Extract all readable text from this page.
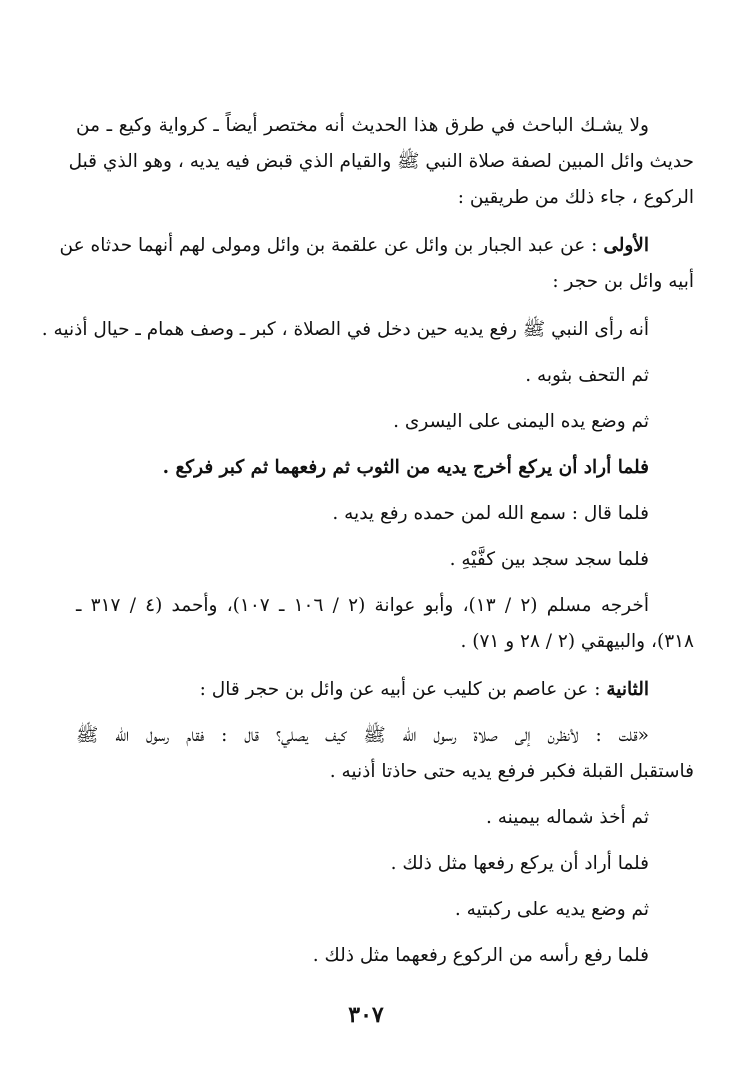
ولا يشـك الباحث في طرق هذا الحديث أنه مختصر أيضاً ـ كرواية وكيع ـ من
حديث وائل المبين لصفة صلاة النبي ﷺ والقيام الذي قبض فيه يديه ، وهو الذي قبل
الركوع ، جاء ذلك من طريقين :
الأولى : عن عبد الجبار بن وائل عن علقمة بن وائل ومولى لهم أنهما حدثاه عن
أبيه وائل بن حجر :
أنه رأى النبي ﷺ رفع يديه حين دخل في الصلاة ، كبر ـ وصف همام ـ حيال أذنيه .
ثم التحف بثوبه .
ثم وضع يده اليمنى على اليسرى .
فلما أراد أن يركع أخرج يديه من الثوب ثم رفعهما ثم كبر فركع .
فلما قال : سمع الله لمن حمده رفع يديه .
فلما سجد سجد بين كفَّيْهِ .
أخرجه مسلم (٢ / ١٣)، وأبو عوانة (٢ / ١٠٦ ـ ١٠٧)، وأحمد (٤ / ٣١٧ ـ
٣١٨)، والبيهقي (٢ / ٢٨ و ٧١) .
الثانية : عن عاصم بن كليب عن أبيه عن وائل بن حجر قال :
«قلت : لأنظرن إلى صلاة رسول الله ﷺ كيف يصلي؟ قال : فقام رسول الله ﷺ
فاستقبل القبلة فكبر فرفع يديه حتى حاذتا أذنيه .
ثم أخذ شماله بيمينه .
فلما أراد أن يركع رفعها مثل ذلك .
ثم وضع يديه على ركبتيه .
فلما رفع رأسه من الركوع رفعهما مثل ذلك .
٣٠٧
